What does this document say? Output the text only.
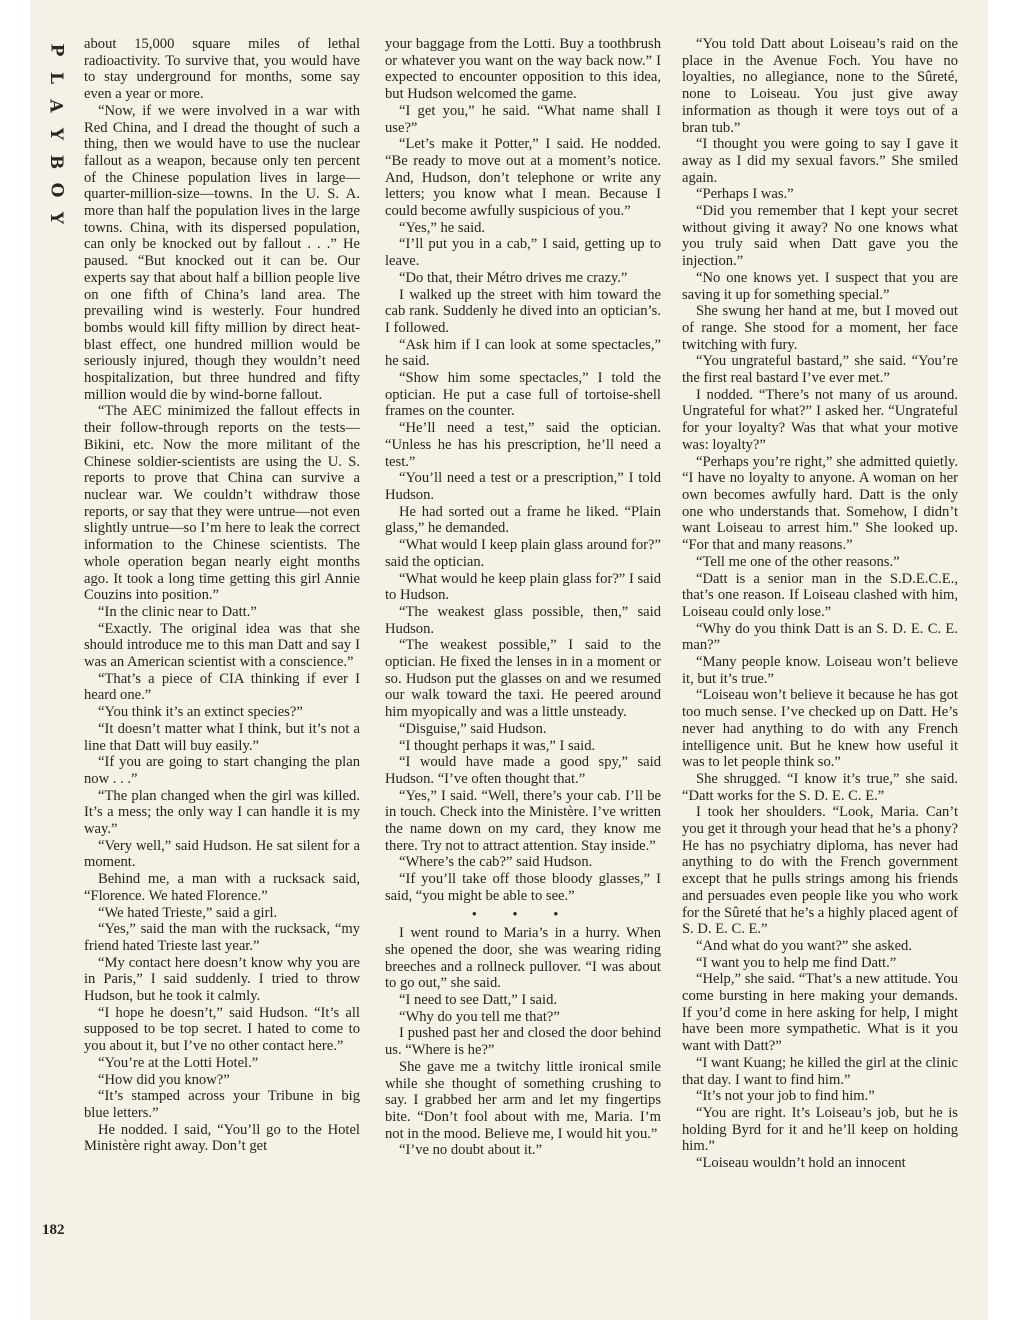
P
L
A
Y
B
O
Y

about 15,000 square miles of lethal radioactivity. To survive that, you would have to stay underground for months, some say even a year or more.

“Now, if we were involved in a war with Red China, and I dread the thought of such a thing, then we would have to use the nuclear fallout as a weapon, because only ten percent of the Chinese population lives in large—quarter-million-size—towns. In the U. S. A. more than half the population lives in the large towns. China, with its dispersed population, can only be knocked out by fallout . . .” He paused. “But knocked out it can be. Our experts say that about half a billion people live on one fifth of China’s land area. The prevailing wind is westerly. Four hundred bombs would kill fifty million by direct heat-blast effect, one hundred million would be seriously injured, though they wouldn’t need hospitalization, but three hundred and fifty million would die by wind-borne fallout.

“The AEC minimized the fallout effects in their follow-through reports on the tests—Bikini, etc. Now the more militant of the Chinese soldier-scientists are using the U. S. reports to prove that China can survive a nuclear war. We couldn’t withdraw those reports, or say that they were untrue—not even slightly untrue—so I’m here to leak the correct information to the Chinese scientists. The whole operation began nearly eight months ago. It took a long time getting this girl Annie Couzins into position.”

“In the clinic near to Datt.”

“Exactly. The original idea was that she should introduce me to this man Datt and say I was an American scientist with a conscience.”

“That’s a piece of CIA thinking if ever I heard one.”

“You think it’s an extinct species?”

“It doesn’t matter what I think, but it’s not a line that Datt will buy easily.”

“If you are going to start changing the plan now . . .”

“The plan changed when the girl was killed. It’s a mess; the only way I can handle it is my way.”

“Very well,” said Hudson. He sat silent for a moment.

Behind me, a man with a rucksack said, “Florence. We hated Florence.”

“We hated Trieste,” said a girl.

“Yes,” said the man with the rucksack, “my friend hated Trieste last year.”

“My contact here doesn’t know why you are in Paris,” I said suddenly. I tried to throw Hudson, but he took it calmly.

“I hope he doesn’t,” said Hudson. “It’s all supposed to be top secret. I hated to come to you about it, but I’ve no other contact here.”

“You’re at the Lotti Hotel.”

“How did you know?”

“It’s stamped across your Tribune in big blue letters.”

He nodded. I said, “You’ll go to the Hotel Ministère right away. Don’t get

your baggage from the Lotti. Buy a toothbrush or whatever you want on the way back now.” I expected to encounter opposition to this idea, but Hudson welcomed the game.

“I get you,” he said. “What name shall I use?”

“Let’s make it Potter,” I said. He nodded. “Be ready to move out at a moment’s notice. And, Hudson, don’t telephone or write any letters; you know what I mean. Because I could become awfully suspicious of you.”

“Yes,” he said.

“I’ll put you in a cab,” I said, getting up to leave.

“Do that, their Métro drives me crazy.”

I walked up the street with him toward the cab rank. Suddenly he dived into an optician’s. I followed.

“Ask him if I can look at some spectacles,” he said.

“Show him some spectacles,” I told the optician. He put a case full of tortoise-shell frames on the counter.

“He’ll need a test,” said the optician. “Unless he has his prescription, he’ll need a test.”

“You’ll need a test or a prescription,” I told Hudson.

He had sorted out a frame he liked. “Plain glass,” he demanded.

“What would I keep plain glass around for?” said the optician.

“What would he keep plain glass for?” I said to Hudson.

“The weakest glass possible, then,” said Hudson.

“The weakest possible,” I said to the optician. He fixed the lenses in in a moment or so. Hudson put the glasses on and we resumed our walk toward the taxi. He peered around him myopically and was a little unsteady.

“Disguise,” said Hudson.

“I thought perhaps it was,” I said.

“I would have made a good spy,” said Hudson. “I’ve often thought that.”

“Yes,” I said. “Well, there’s your cab. I’ll be in touch. Check into the Ministère. I’ve written the name down on my card, they know me there. Try not to attract attention. Stay inside.”

“Where’s the cab?” said Hudson.

“If you’ll take off those bloody glasses,” I said, “you might be able to see.”

• • •

I went round to Maria’s in a hurry. When she opened the door, she was wearing riding breeches and a rollneck pullover. “I was about to go out,” she said.

“I need to see Datt,” I said.

“Why do you tell me that?”

I pushed past her and closed the door behind us. “Where is he?”

She gave me a twitchy little ironical smile while she thought of something crushing to say. I grabbed her arm and let my fingertips bite. “Don’t fool about with me, Maria. I’m not in the mood. Believe me, I would hit you.”

“I’ve no doubt about it.”

“You told Datt about Loiseau’s raid on the place in the Avenue Foch. You have no loyalties, no allegiance, none to the Sûreté, none to Loiseau. You just give away information as though it were toys out of a bran tub.”

“I thought you were going to say I gave it away as I did my sexual favors.” She smiled again.

“Perhaps I was.”

“Did you remember that I kept your secret without giving it away? No one knows what you truly said when Datt gave you the injection.”

“No one knows yet. I suspect that you are saving it up for something special.”

She swung her hand at me, but I moved out of range. She stood for a moment, her face twitching with fury.

“You ungrateful bastard,” she said. “You’re the first real bastard I’ve ever met.”

I nodded. “There’s not many of us around. Ungrateful for what?” I asked her. “Ungrateful for your loyalty? Was that what your motive was: loyalty?”

“Perhaps you’re right,” she admitted quietly. “I have no loyalty to anyone. A woman on her own becomes awfully hard. Datt is the only one who understands that. Somehow, I didn’t want Loiseau to arrest him.” She looked up. “For that and many reasons.”

“Tell me one of the other reasons.”

“Datt is a senior man in the S.D.E.C.E., that’s one reason. If Loiseau clashed with him, Loiseau could only lose.”

“Why do you think Datt is an S. D. E. C. E. man?”

“Many people know. Loiseau won’t believe it, but it’s true.”

“Loiseau won’t believe it because he has got too much sense. I’ve checked up on Datt. He’s never had anything to do with any French intelligence unit. But he knew how useful it was to let people think so.”

She shrugged. “I know it’s true,” she said. “Datt works for the S. D. E. C. E.”

I took her shoulders. “Look, Maria. Can’t you get it through your head that he’s a phony? He has no psychiatry diploma, has never had anything to do with the French government except that he pulls strings among his friends and persuades even people like you who work for the Sûreté that he’s a highly placed agent of S. D. E. C. E.”

“And what do you want?” she asked.

“I want you to help me find Datt.”

“Help,” she said. “That’s a new attitude. You come bursting in here making your demands. If you’d come in here asking for help, I might have been more sympathetic. What is it you want with Datt?”

“I want Kuang; he killed the girl at the clinic that day. I want to find him.”

“It’s not your job to find him.”

“You are right. It’s Loiseau’s job, but he is holding Byrd for it and he’ll keep on holding him.”

“Loiseau wouldn’t hold an innocent

182
